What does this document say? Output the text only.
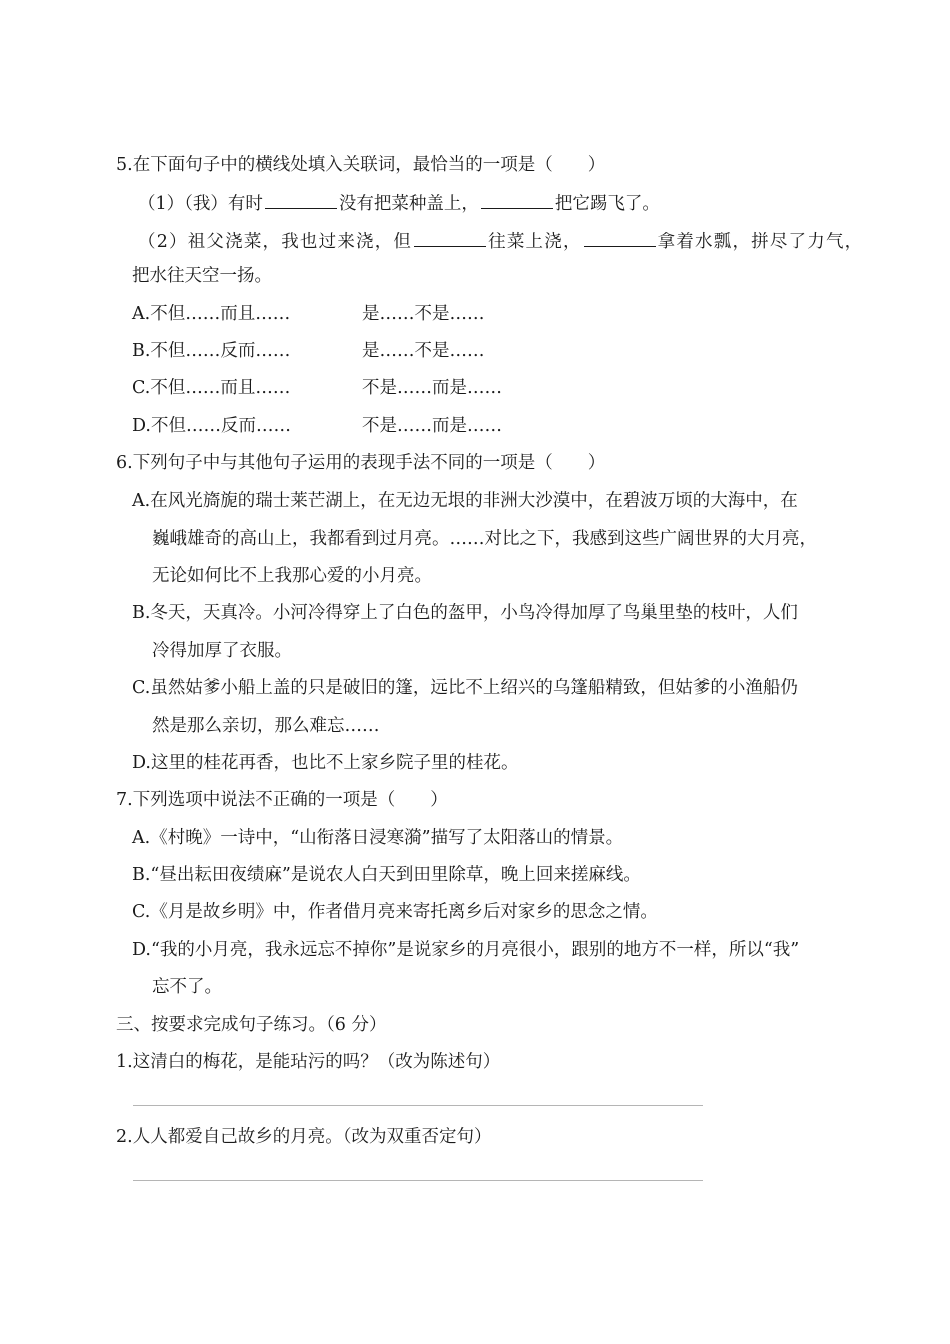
5.在下面句子中的横线处填入关联词，最恰当的一项是（　　）
（1）（我）有时	没有把菜种盖上，	把它踢飞了。
（2）祖父浇菜，我也过来浇，但	往菜上浇，	拿着水瓢，拼尽了力气，
把水往天空一扬。
A.不但……而且……	是……不是……
B.不但……反而……	是……不是……
C.不但……而且……	不是……而是……
D.不但……反而……	不是……而是……
6.下列句子中与其他句子运用的表现手法不同的一项是（　　）
A.在风光旖旎的瑞士莱芒湖上，在无边无垠的非洲大沙漠中，在碧波万顷的大海中，在
巍峨雄奇的高山上，我都看到过月亮。……对比之下，我感到这些广阔世界的大月亮，
无论如何比不上我那心爱的小月亮。
B.冬天，天真冷。小河冷得穿上了白色的盔甲，小鸟冷得加厚了鸟巢里垫的枝叶，人们
冷得加厚了衣服。
C.虽然姑爹小船上盖的只是破旧的篷，远比不上绍兴的乌篷船精致，但姑爹的小渔船仍
然是那么亲切，那么难忘……
D.这里的桂花再香，也比不上家乡院子里的桂花。
7.下列选项中说法不正确的一项是（　　）
A.《村晚》一诗中，“山衔落日浸寒漪”描写了太阳落山的情景。
B.“昼出耘田夜绩麻”是说农人白天到田里除草，晚上回来搓麻线。
C.《月是故乡明》中，作者借月亮来寄托离乡后对家乡的思念之情。
D.“我的小月亮，我永远忘不掉你”是说家乡的月亮很小，跟别的地方不一样，所以“我”
忘不了。
三、按要求完成句子练习。（6 分）
1.这清白的梅花，是能玷污的吗？（改为陈述句）
2.人人都爱自己故乡的月亮。（改为双重否定句）
